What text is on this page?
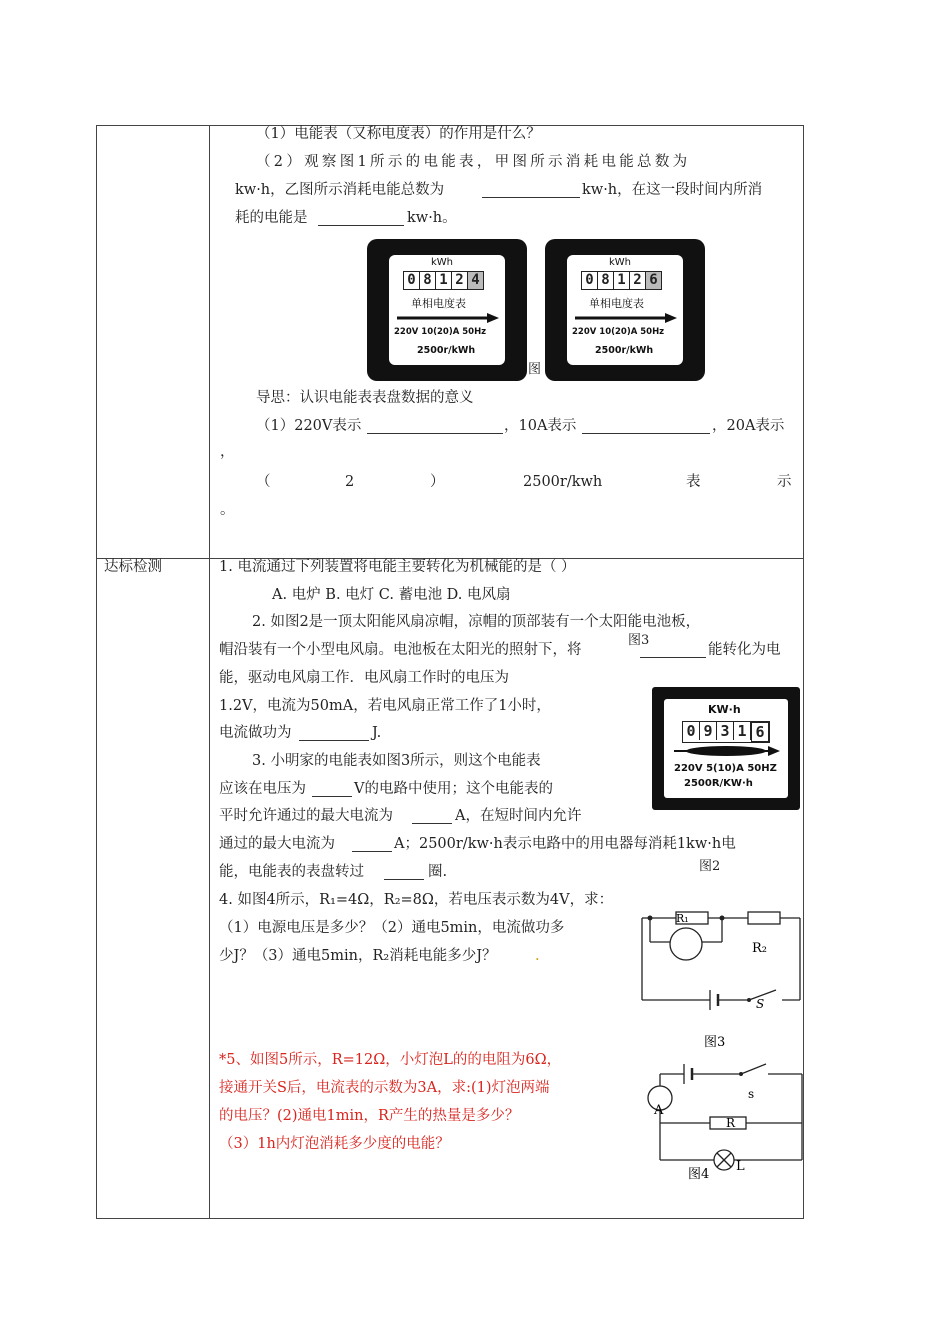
（1）电能表（又称电度表）的作用是什么？
（2）观察图1所示的电能表，甲图所示消耗电能总数为
kw·h，乙图所示消耗电能总数为	kw·h，在这一段时间内所消
耗的电能是	kw·h。
kWh
0 8 1 2 4
单相电度表
220V 10(20)A 50Hz
2500r/kWh
kWh
0 8 1 2 6
单相电度表
220V 10(20)A 50Hz
2500r/kWh
图
导思：认识电能表表盘数据的意义
（1）220V表示	，10A表示	，20A表示
，
（	2	）	2500r/kwh	表	示
。
达标检测	1. 电流通过下列装置将电能主要转化为机械能的是（ ）
A. 电炉 B. 电灯 C. 蓄电池 D. 电风扇
2. 如图2是一顶太阳能风扇凉帽，凉帽的顶部装有一个太阳能电池板，
帽沿装有一个小型电风扇。电池板在太阳光的照射下，将	能转化为电
图3
能，驱动电风扇工作．电风扇工作时的电压为
1.2V，电流为50mA，若电风扇正常工作了1小时，
电流做功为	J.
3. 小明家的电能表如图3所示，则这个电能表
应该在电压为	V的电路中使用；这个电能表的
平时允许通过的最大电流为	A，在短时间内允许
通过的最大电流为	A；2500r/kw·h表示电路中的用电器每消耗1kw·h电
能，电能表的表盘转过	圈.
KW·h
0 9 3 1 6
220V 5(10)A 50HZ
2500R/KW·h
图2
4. 如图4所示，R₁=4Ω，R₂=8Ω，若电压表示数为4V，求：
（1）电源电压是多少？（2）通电5min，电流做功多
少J？（3）通电5min，R₂消耗电能多少J？	.
R₁
R₂
S
图3
*5、如图5所示，R=12Ω，小灯泡L的的电阻为6Ω，
接通开关S后，电流表的示数为3A，求:(1)灯泡两端
的电压？(2)通电1min，R产生的热量是多少？
（3）1h内灯泡消耗多少度的电能？
A
s
R
L
图4
